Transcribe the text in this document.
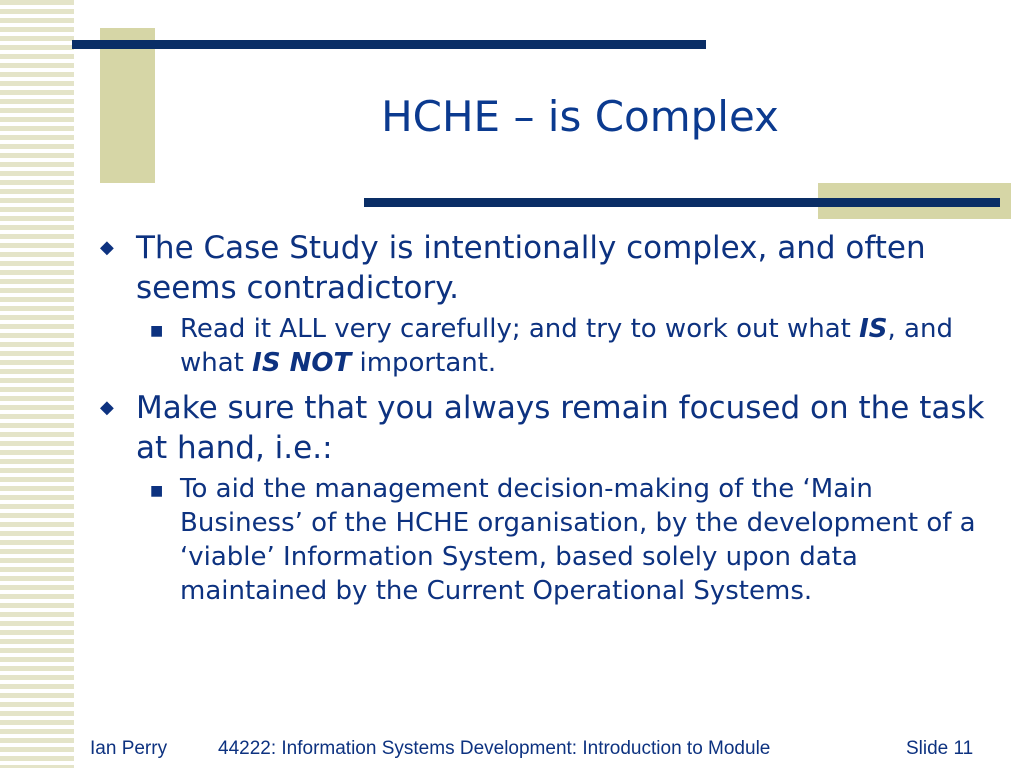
HCHE – is Complex
◆ The Case Study is intentionally complex, and often seems contradictory.
■ Read it ALL very carefully; and try to work out what IS, and what IS NOT important.
◆ Make sure that you always remain focused on the task at hand, i.e.:
■ To aid the management decision-making of the ‘Main Business’ of the HCHE organisation, by the development of a ‘viable’ Information System, based solely upon data maintained by the Current Operational Systems.
Ian Perry	44222: Information Systems Development: Introduction to Module	Slide 11
